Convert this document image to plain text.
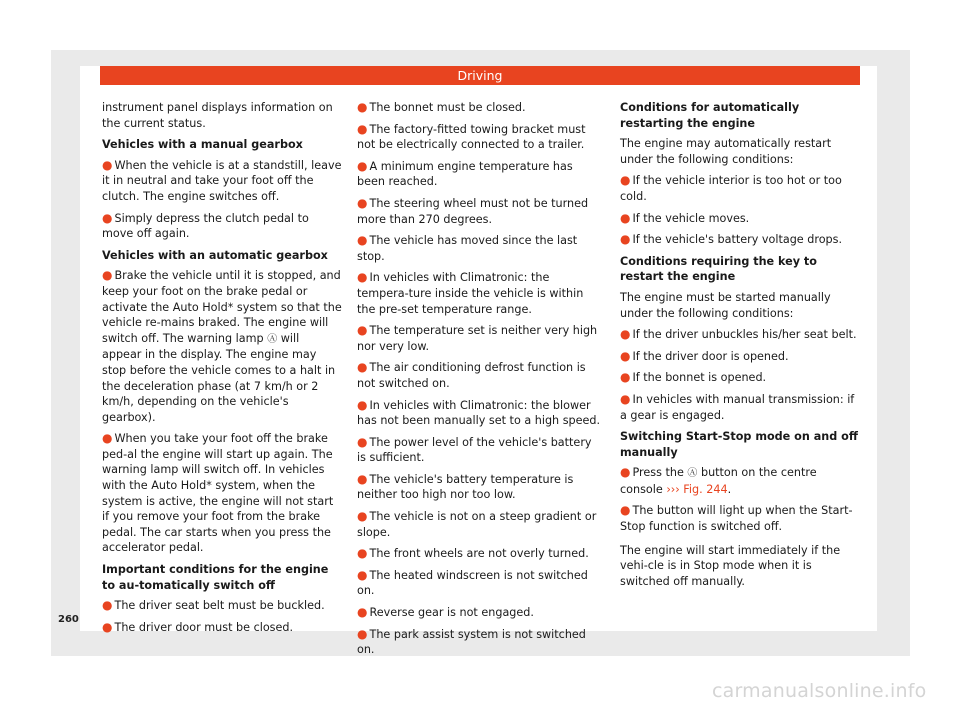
Driving

instrument panel displays information on the current status.

Vehicles with a manual gearbox

● When the vehicle is at a standstill, leave it in neutral and take your foot off the clutch. The engine switches off.

● Simply depress the clutch pedal to move off again.

Vehicles with an automatic gearbox

● Brake the vehicle until it is stopped, and keep your foot on the brake pedal or activate the Auto Hold* system so that the vehicle re-mains braked. The engine will switch off. The warning lamp Ⓐ will appear in the display. The engine may stop before the vehicle comes to a halt in the deceleration phase (at 7 km/h or 2 km/h, depending on the vehicle's gearbox).

● When you take your foot off the brake ped-al the engine will start up again. The warning lamp will switch off. In vehicles with the Auto Hold* system, when the system is active, the engine will not start if you remove your foot from the brake pedal. The car starts when you press the accelerator pedal.

Important conditions for the engine to au-tomatically switch off

● The driver seat belt must be buckled.

● The driver door must be closed.

● The bonnet must be closed.

● The factory-fitted towing bracket must not be electrically connected to a trailer.

● A minimum engine temperature has been reached.

● The steering wheel must not be turned more than 270 degrees.

● The vehicle has moved since the last stop.

● In vehicles with Climatronic: the tempera-ture inside the vehicle is within the pre-set temperature range.

● The temperature set is neither very high nor very low.

● The air conditioning defrost function is not switched on.

● In vehicles with Climatronic: the blower has not been manually set to a high speed.

● The power level of the vehicle's battery is sufficient.

● The vehicle's battery temperature is neither too high nor too low.

● The vehicle is not on a steep gradient or slope.

● The front wheels are not overly turned.

● The heated windscreen is not switched on.

● Reverse gear is not engaged.

● The park assist system is not switched on.

Conditions for automatically restarting the engine

The engine may automatically restart under the following conditions:

● If the vehicle interior is too hot or too cold.

● If the vehicle moves.

● If the vehicle's battery voltage drops.

Conditions requiring the key to restart the engine

The engine must be started manually under the following conditions:

● If the driver unbuckles his/her seat belt.

● If the driver door is opened.

● If the bonnet is opened.

● In vehicles with manual transmission: if a gear is engaged.

Switching Start-Stop mode on and off manually

● Press the Ⓐ button on the centre console ››› Fig. 244.

● The button will light up when the Start-Stop function is switched off.

The engine will start immediately if the vehi-cle is in Stop mode when it is switched off manually.

260
carmanualsonline.info
